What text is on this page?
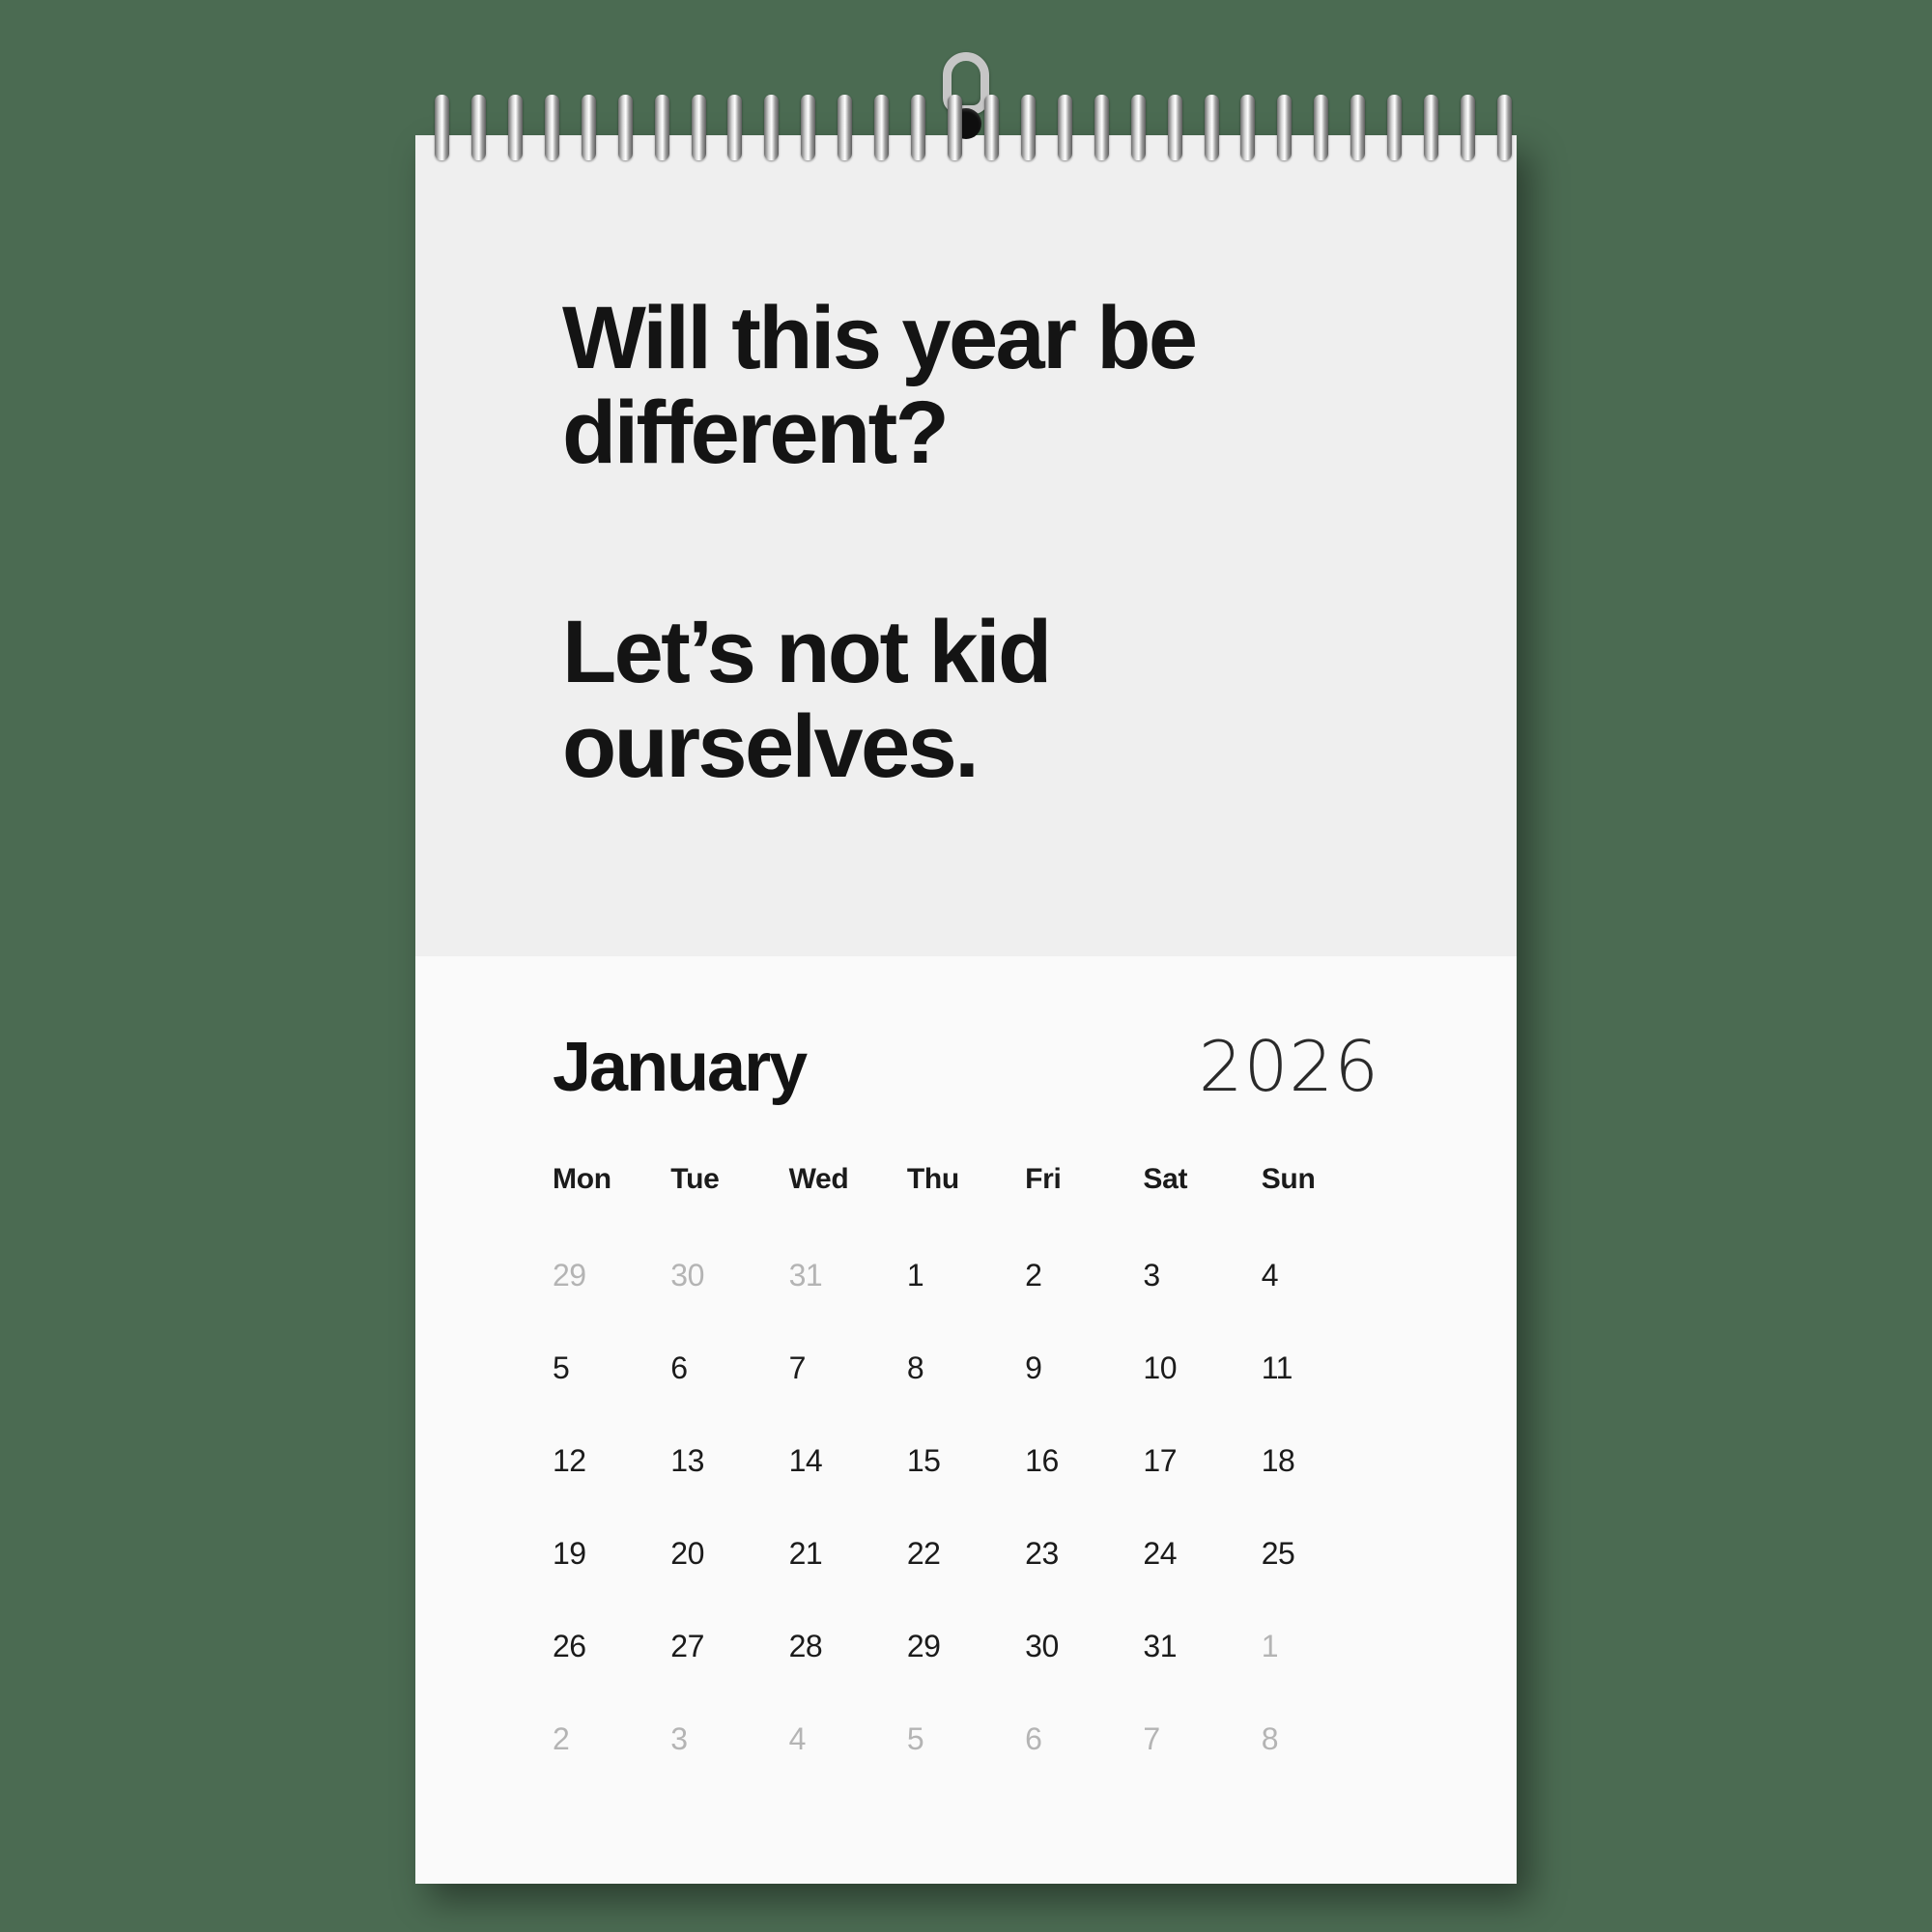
Will this year be
different?
Let’s not kid
ourselves.
January	2026
Mon	Tue	Wed	Thu	Fri	Sat	Sun
29	30	31	1	2	3	4
5	6	7	8	9	10	11
12	13	14	15	16	17	18
19	20	21	22	23	24	25
26	27	28	29	30	31	1
2	3	4	5	6	7	8
